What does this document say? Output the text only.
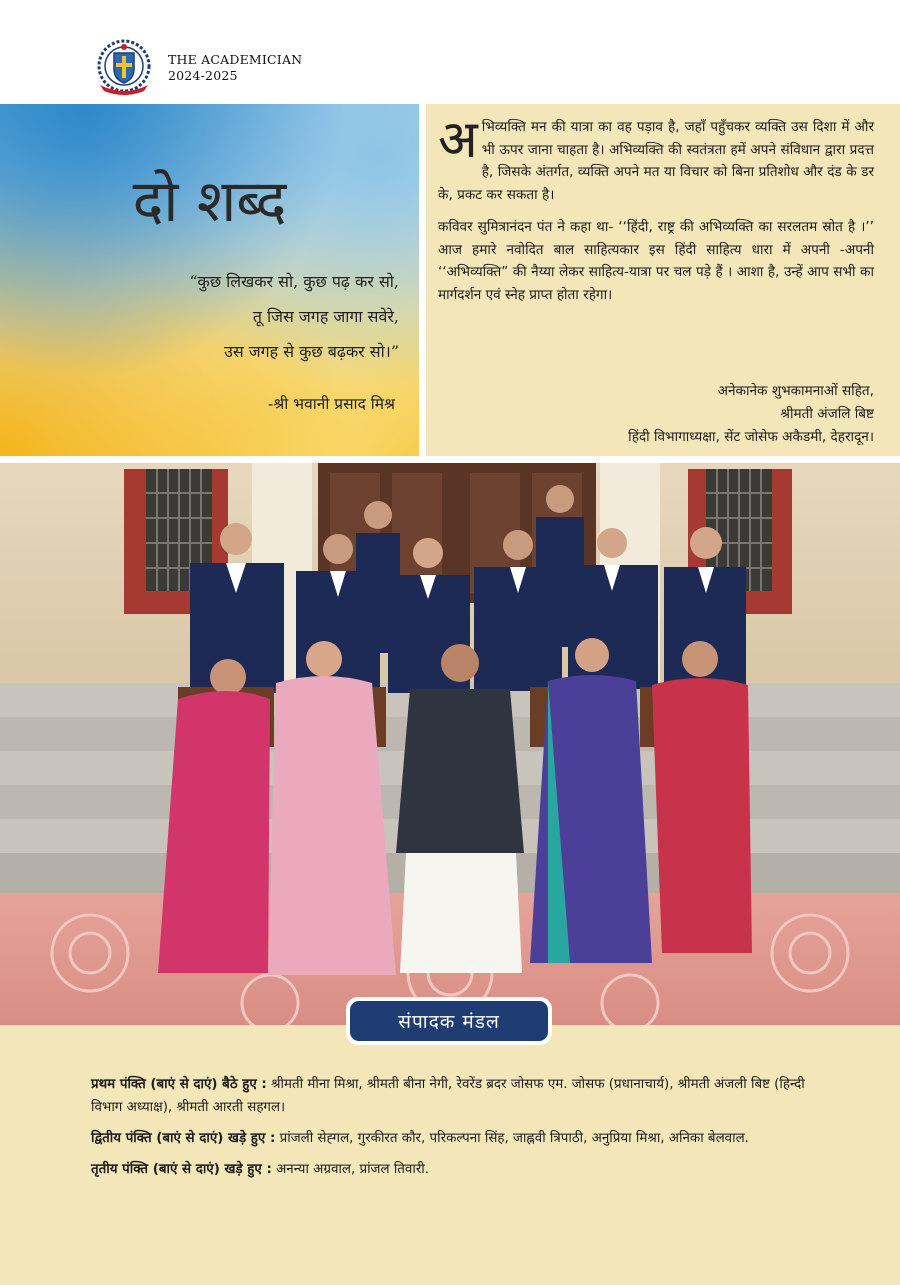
THE ACADEMICIAN
2024-2025
दो शब्द
“कुछ लिखकर सो, कुछ पढ़ कर सो,
तू जिस जगह जागा सवेरे,
उस जगह से कुछ बढ़कर सो।”
-श्री भवानी प्रसाद मिश्र

अभिव्यक्ति मन की यात्रा का वह पड़ाव है, जहाँ पहुँचकर व्यक्ति उस दिशा में और भी ऊपर जाना चाहता है। अभिव्यक्ति की स्वतंत्रता हमें अपने संविधान द्वारा प्रदत्त है, जिसके अंतर्गत, व्यक्ति अपने मत या विचार को बिना प्रतिशोध और दंड के डर के, प्रकट कर सकता है।

कविवर सुमित्रानंदन पंत ने कहा था- ‘‘हिंदी, राष्ट्र की अभिव्यक्ति का सरलतम स्रोत है ।’’ आज हमारे नवोदित बाल साहित्यकार इस हिंदी साहित्य धारा में अपनी -अपनी ‘‘अभिव्यक्ति” की नैय्या लेकर साहित्य-यात्रा पर चल पड़े हैं । आशा है, उन्हें आप सभी का मार्गदर्शन एवं स्नेह प्राप्त होता रहेगा।

अनेकानेक शुभकामनाओं सहित,
श्रीमती अंजलि बिष्ट
हिंदी विभागाध्यक्षा, सेंट जोसेफ अकैडमी, देहरादून।
संपादक मंडल
प्रथम पंक्ति (बाएं से दाएं) बैठे हुए : श्रीमती मीना मिश्रा, श्रीमती बीना नेगी, रेवरेंड ब्रदर जोसफ एम. जोसफ (प्रधानाचार्य), श्रीमती अंजली बिष्ट (हिन्दी विभाग अध्याक्ष), श्रीमती आरती सहगल।
द्वितीय पंक्ति (बाएं से दाएं) खड़े हुए : प्रांजली सेह्गल, गुरकीरत कौर, परिकल्पना सिंह, जाह्नवी त्रिपाठी, अनुप्रिया मिश्रा, अनिका बेलवाल.
तृतीय पंक्ति (बाएं से दाएं) खड़े हुए : अनन्या अग्रवाल, प्रांजल तिवारी.
